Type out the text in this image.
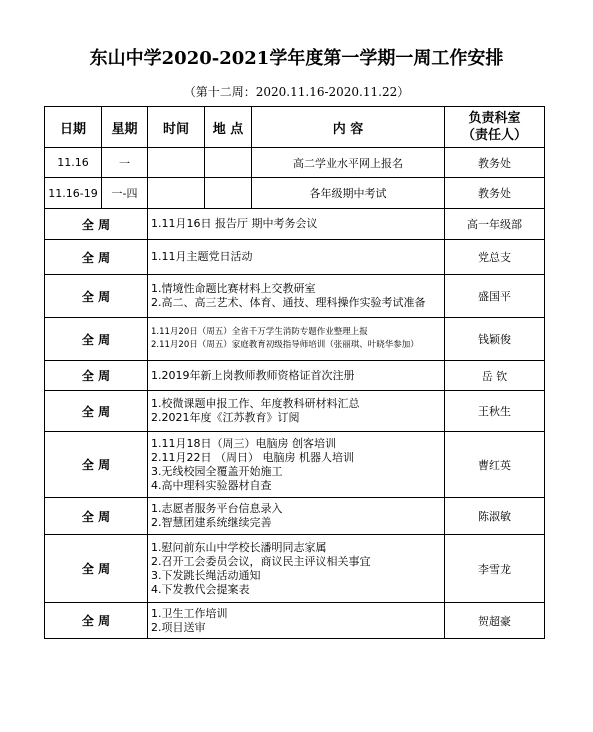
东山中学2020-2021学年度第一学期一周工作安排
（第十二周：2020.11.16-2020.11.22）
日期	星期	时间	地 点	内 容	负责科室
（责任人）

11.16	一			高二学业水平网上报名	教务处
11.16-19	一-四			各年级期中考试	教务处
全 周		1.11月16日 报告厅 期中考务会议			高一年级部
全 周		1.11月主题党日活动			党总支
全 周		1.情境性命题比赛材料上交教研室
2.高二、高三艺术、体育、通技、理科操作实验考试准备			盛国平
全 周		1.11月20日（周五）全省千万学生消防专题作业整理上报
2.11月20日（周五）家庭教育初级指导师培训（张丽琪、叶晓华参加）			钱颖俊
全 周		1.2019年新上岗教师教师资格证首次注册			岳 钦
全 周		1.校微课题申报工作、年度教科研材料汇总
2.2021年度《江苏教育》订阅			王秋生
全 周		1.11月18日（周三）电脑房 创客培训
2.11月22日 （周日） 电脑房 机器人培训
3.无线校园全覆盖开始施工
4.高中理科实验器材自查			曹红英
全 周		1.志愿者服务平台信息录入
2.智慧团建系统继续完善			陈淑敏
全 周		1.慰问前东山中学校长潘明同志家属
2.召开工会委员会议，商议民主评议相关事宜
3.下发跳长绳活动通知
4.下发教代会提案表			李雪龙
全 周		1.卫生工作培训
2.项目送审			贺超豪
